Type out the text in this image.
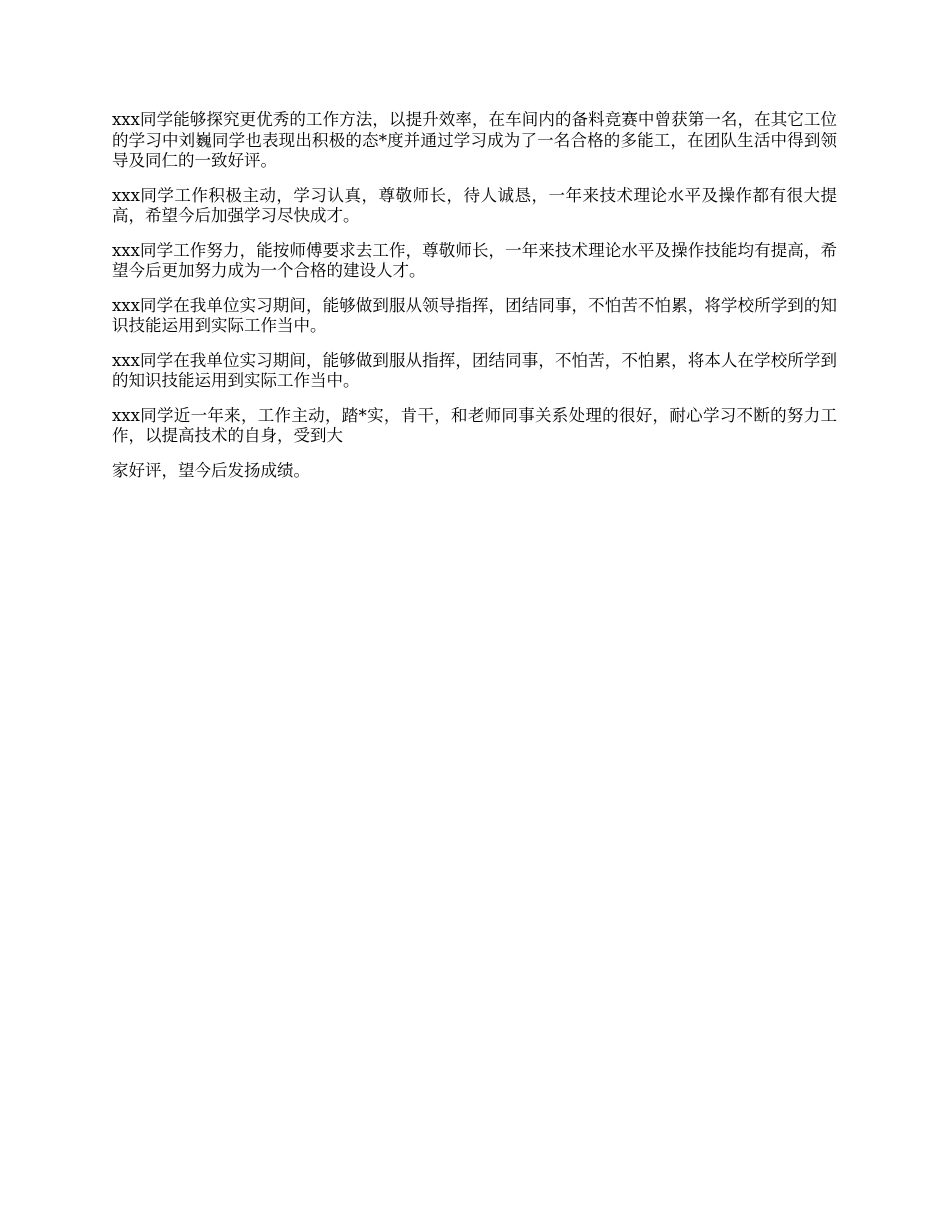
xxx同学能够探究更优秀的工作方法，以提升效率，在车间内的备料竞赛中曾获第一名，在其它工位的学习中刘巍同学也表现出积极的态*度并通过学习成为了一名合格的多能工，在团队生活中得到领导及同仁的一致好评。

xxx同学工作积极主动，学习认真，尊敬师长，待人诚恳，一年来技术理论水平及操作都有很大提高，希望今后加强学习尽快成才。

xxx同学工作努力，能按师傅要求去工作，尊敬师长，一年来技术理论水平及操作技能均有提高，希望今后更加努力成为一个合格的建设人才。

xxx同学在我单位实习期间，能够做到服从领导指挥，团结同事，不怕苦不怕累，将学校所学到的知识技能运用到实际工作当中。

xxx同学在我单位实习期间，能够做到服从指挥，团结同事，不怕苦，不怕累，将本人在学校所学到的知识技能运用到实际工作当中。

xxx同学近一年来，工作主动，踏*实，肯干，和老师同事关系处理的很好，耐心学习不断的努力工作，以提高技术的自身，受到大

家好评，望今后发扬成绩。
